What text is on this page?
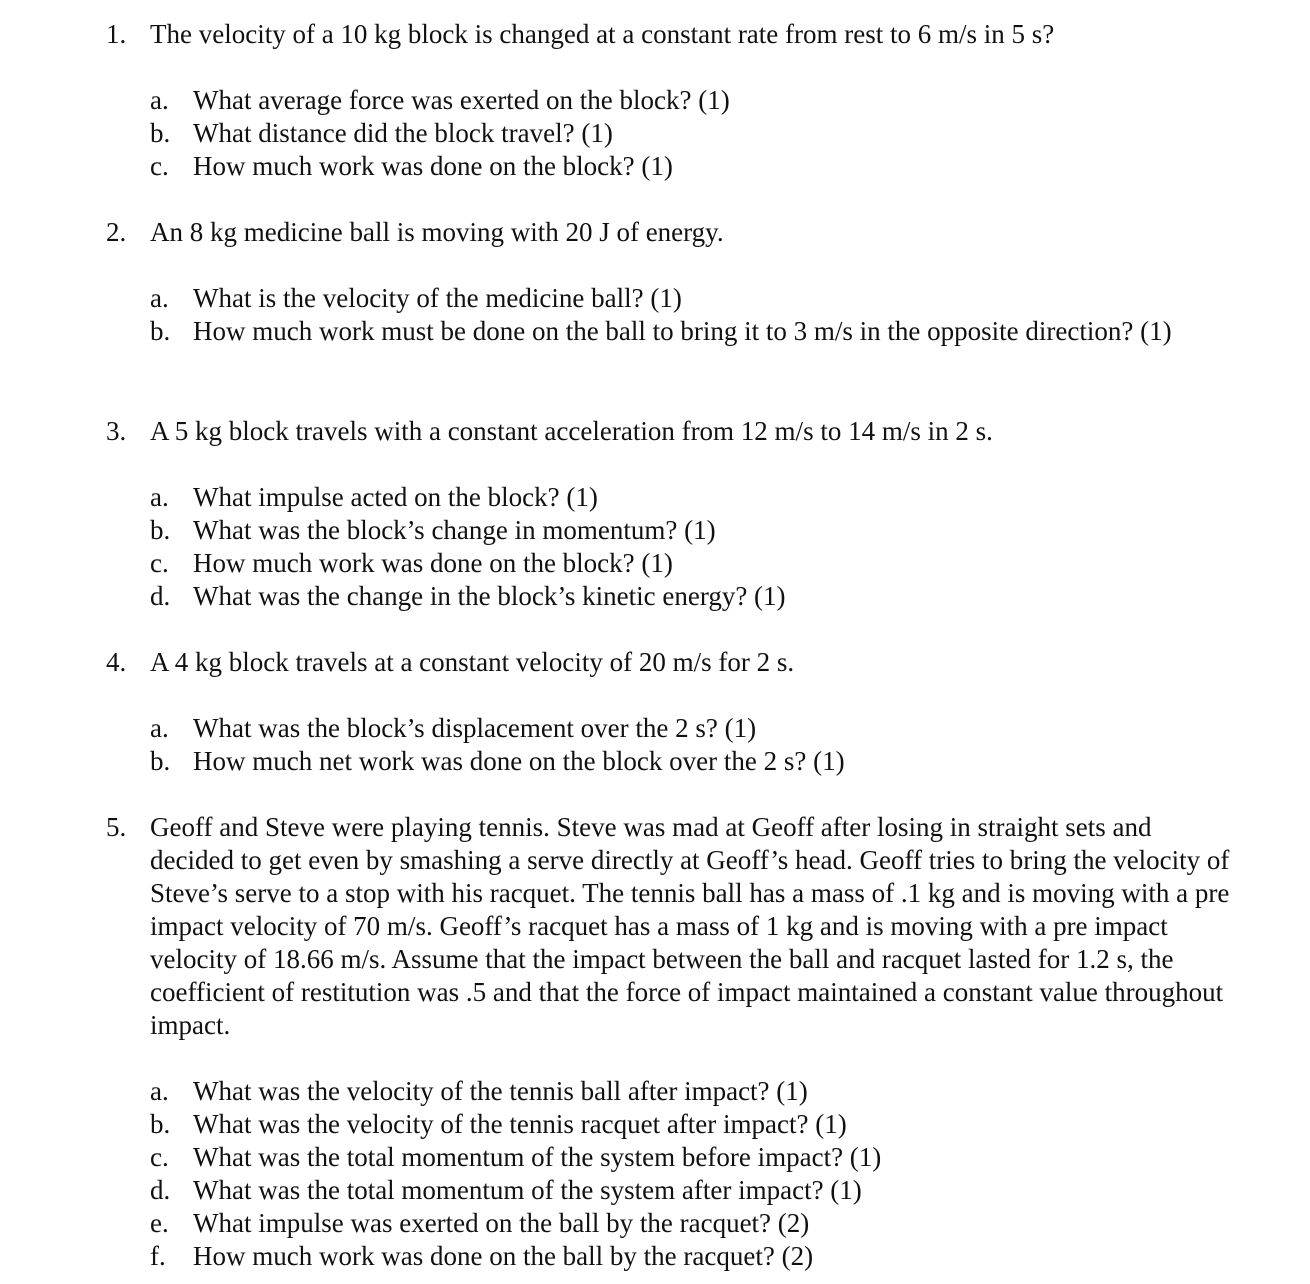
1. The velocity of a 10 kg block is changed at a constant rate from rest to 6 m/s in 5 s?
a. What average force was exerted on the block? (1)
b. What distance did the block travel? (1)
c. How much work was done on the block? (1)
2. An 8 kg medicine ball is moving with 20 J of energy.
a. What is the velocity of the medicine ball? (1)
b. How much work must be done on the ball to bring it to 3 m/s in the opposite direction? (1)
3. A 5 kg block travels with a constant acceleration from 12 m/s to 14 m/s in 2 s.
a. What impulse acted on the block? (1)
b. What was the block’s change in momentum? (1)
c. How much work was done on the block? (1)
d. What was the change in the block’s kinetic energy? (1)
4. A 4 kg block travels at a constant velocity of 20 m/s for 2 s.
a. What was the block’s displacement over the 2 s? (1)
b. How much net work was done on the block over the 2 s? (1)
5. Geoff and Steve were playing tennis. Steve was mad at Geoff after losing in straight sets and decided to get even by smashing a serve directly at Geoff’s head. Geoff tries to bring the velocity of Steve’s serve to a stop with his racquet. The tennis ball has a mass of .1 kg and is moving with a pre impact velocity of 70 m/s. Geoff’s racquet has a mass of 1 kg and is moving with a pre impact velocity of 18.66 m/s. Assume that the impact between the ball and racquet lasted for 1.2 s, the coefficient of restitution was .5 and that the force of impact maintained a constant value throughout impact.
a. What was the velocity of the tennis ball after impact? (1)
b. What was the velocity of the tennis racquet after impact? (1)
c. What was the total momentum of the system before impact? (1)
d. What was the total momentum of the system after impact? (1)
e. What impulse was exerted on the ball by the racquet? (2)
f. How much work was done on the ball by the racquet? (2)
